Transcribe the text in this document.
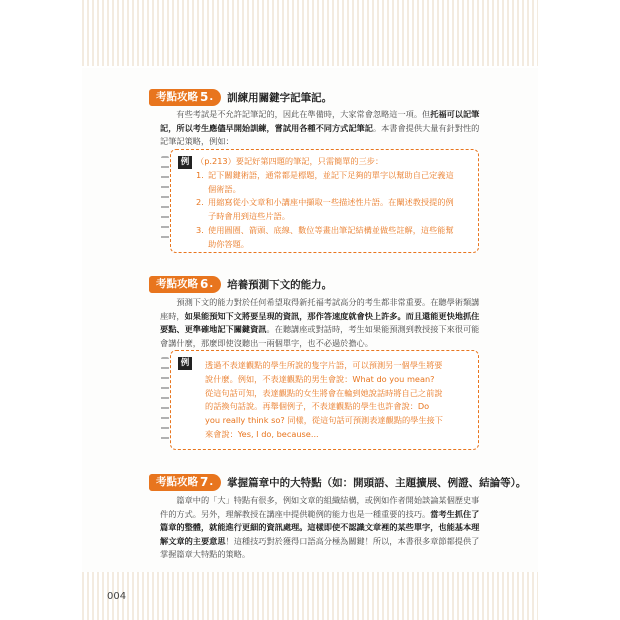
考點攻略 5 . 訓練用關鍵字記筆記。

有些考試是不允許記筆記的，因此在準備時，大家常會忽略這一項。但托福可以記筆記，所以考生應儘早開始訓練，嘗試用各種不同方式記筆記。本書會提供大量有針對性的記筆記策略，例如：

例 （p.213）要記好第四題的筆記，只需簡單的三步：
1. 記下關鍵術語，通常都是標題，並記下足夠的單字以幫助自己定義這個術語。
2. 用縮寫從小文章和小講座中擷取一些描述性片語。在闡述教授提的例子時會用到這些片語。
3. 使用圓圈、箭頭、底線、數位等畫出筆記結構並做些註解，這些能幫助你答題。
考點攻略 6 . 培養預測下文的能力。

預測下文的能力對於任何希望取得新托福考試高分的考生都非常重要。在聽學術類講座時，如果能預知下文將要呈現的資訊，那作答速度就會快上許多。而且還能更快地抓住要點、更準確地記下關鍵資訊。在聽講座或對話時，考生如果能預測到教授接下來很可能會講什麼，那麼即使沒聽出一兩個單字，也不必過於擔心。

例	透過不表達觀點的學生所說的隻字片語，可以預測另一個學生將要說什麼。例如，不表達觀點的男生會說：What do you mean? 從這句話可知，表達觀點的女生將會在輪到她說話時將自己之前說的話換句話說。再舉個例子，不表達觀點的學生也許會說：Do you really think so? 同樣，從這句話可預測表達觀點的學生接下來會說：Yes, I do, because...
考點攻略 7 . 掌握篇章中的大特點（如：開頭語、主題擴展、例證、結論等）。

篇章中的「大」特點有很多，例如文章的組織結構，或例如作者開始談論某個歷史事件的方式。另外，理解教授在講座中提供範例的能力也是一種重要的技巧。當考生抓住了篇章的整體，就能進行更細的資訊處理。這樣即使不認識文章裡的某些單字，也能基本理解文章的主要意思！這種技巧對於獲得口語高分極為關鍵！所以，本書很多章節都提供了掌握篇章大特點的策略。

004
